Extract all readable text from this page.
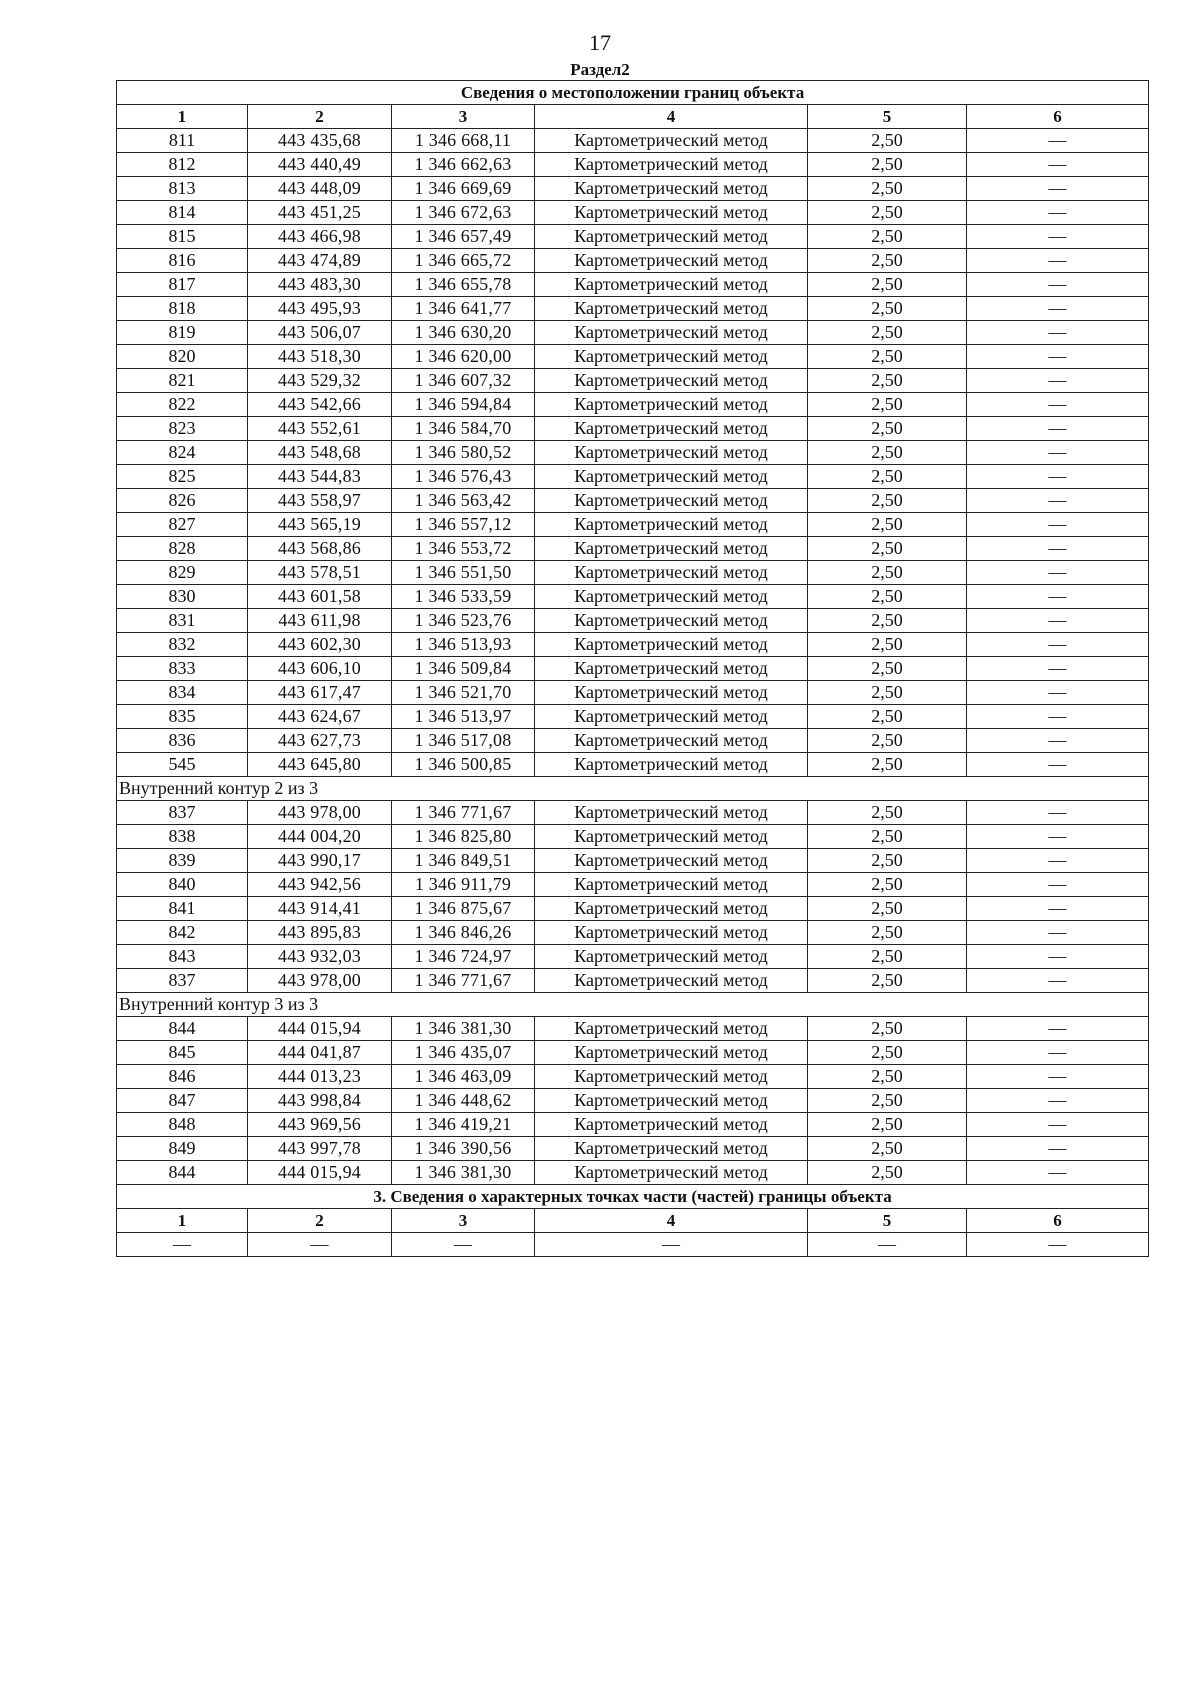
17
Раздел2
Сведения о местоположении границ объекта					
1	2	3	4	5	6
811	443 435,68	1 346 668,11	Картометрический метод	2,50	—
812	443 440,49	1 346 662,63	Картометрический метод	2,50	—
813	443 448,09	1 346 669,69	Картометрический метод	2,50	—
814	443 451,25	1 346 672,63	Картометрический метод	2,50	—
815	443 466,98	1 346 657,49	Картометрический метод	2,50	—
816	443 474,89	1 346 665,72	Картометрический метод	2,50	—
817	443 483,30	1 346 655,78	Картометрический метод	2,50	—
818	443 495,93	1 346 641,77	Картометрический метод	2,50	—
819	443 506,07	1 346 630,20	Картометрический метод	2,50	—
820	443 518,30	1 346 620,00	Картометрический метод	2,50	—
821	443 529,32	1 346 607,32	Картометрический метод	2,50	—
822	443 542,66	1 346 594,84	Картометрический метод	2,50	—
823	443 552,61	1 346 584,70	Картометрический метод	2,50	—
824	443 548,68	1 346 580,52	Картометрический метод	2,50	—
825	443 544,83	1 346 576,43	Картометрический метод	2,50	—
826	443 558,97	1 346 563,42	Картометрический метод	2,50	—
827	443 565,19	1 346 557,12	Картометрический метод	2,50	—
828	443 568,86	1 346 553,72	Картометрический метод	2,50	—
829	443 578,51	1 346 551,50	Картометрический метод	2,50	—
830	443 601,58	1 346 533,59	Картометрический метод	2,50	—
831	443 611,98	1 346 523,76	Картометрический метод	2,50	—
832	443 602,30	1 346 513,93	Картометрический метод	2,50	—
833	443 606,10	1 346 509,84	Картометрический метод	2,50	—
834	443 617,47	1 346 521,70	Картометрический метод	2,50	—
835	443 624,67	1 346 513,97	Картометрический метод	2,50	—
836	443 627,73	1 346 517,08	Картометрический метод	2,50	—
545	443 645,80	1 346 500,85	Картометрический метод	2,50	—
Внутренний контур 2 из 3					
837	443 978,00	1 346 771,67	Картометрический метод	2,50	—
838	444 004,20	1 346 825,80	Картометрический метод	2,50	—
839	443 990,17	1 346 849,51	Картометрический метод	2,50	—
840	443 942,56	1 346 911,79	Картометрический метод	2,50	—
841	443 914,41	1 346 875,67	Картометрический метод	2,50	—
842	443 895,83	1 346 846,26	Картометрический метод	2,50	—
843	443 932,03	1 346 724,97	Картометрический метод	2,50	—
837	443 978,00	1 346 771,67	Картометрический метод	2,50	—
Внутренний контур 3 из 3					
844	444 015,94	1 346 381,30	Картометрический метод	2,50	—
845	444 041,87	1 346 435,07	Картометрический метод	2,50	—
846	444 013,23	1 346 463,09	Картометрический метод	2,50	—
847	443 998,84	1 346 448,62	Картометрический метод	2,50	—
848	443 969,56	1 346 419,21	Картометрический метод	2,50	—
849	443 997,78	1 346 390,56	Картометрический метод	2,50	—
844	444 015,94	1 346 381,30	Картометрический метод	2,50	—
3. Сведения о характерных точках части (частей) границы объекта					
1	2	3	4	5	6
—	—	—	—	—	—
